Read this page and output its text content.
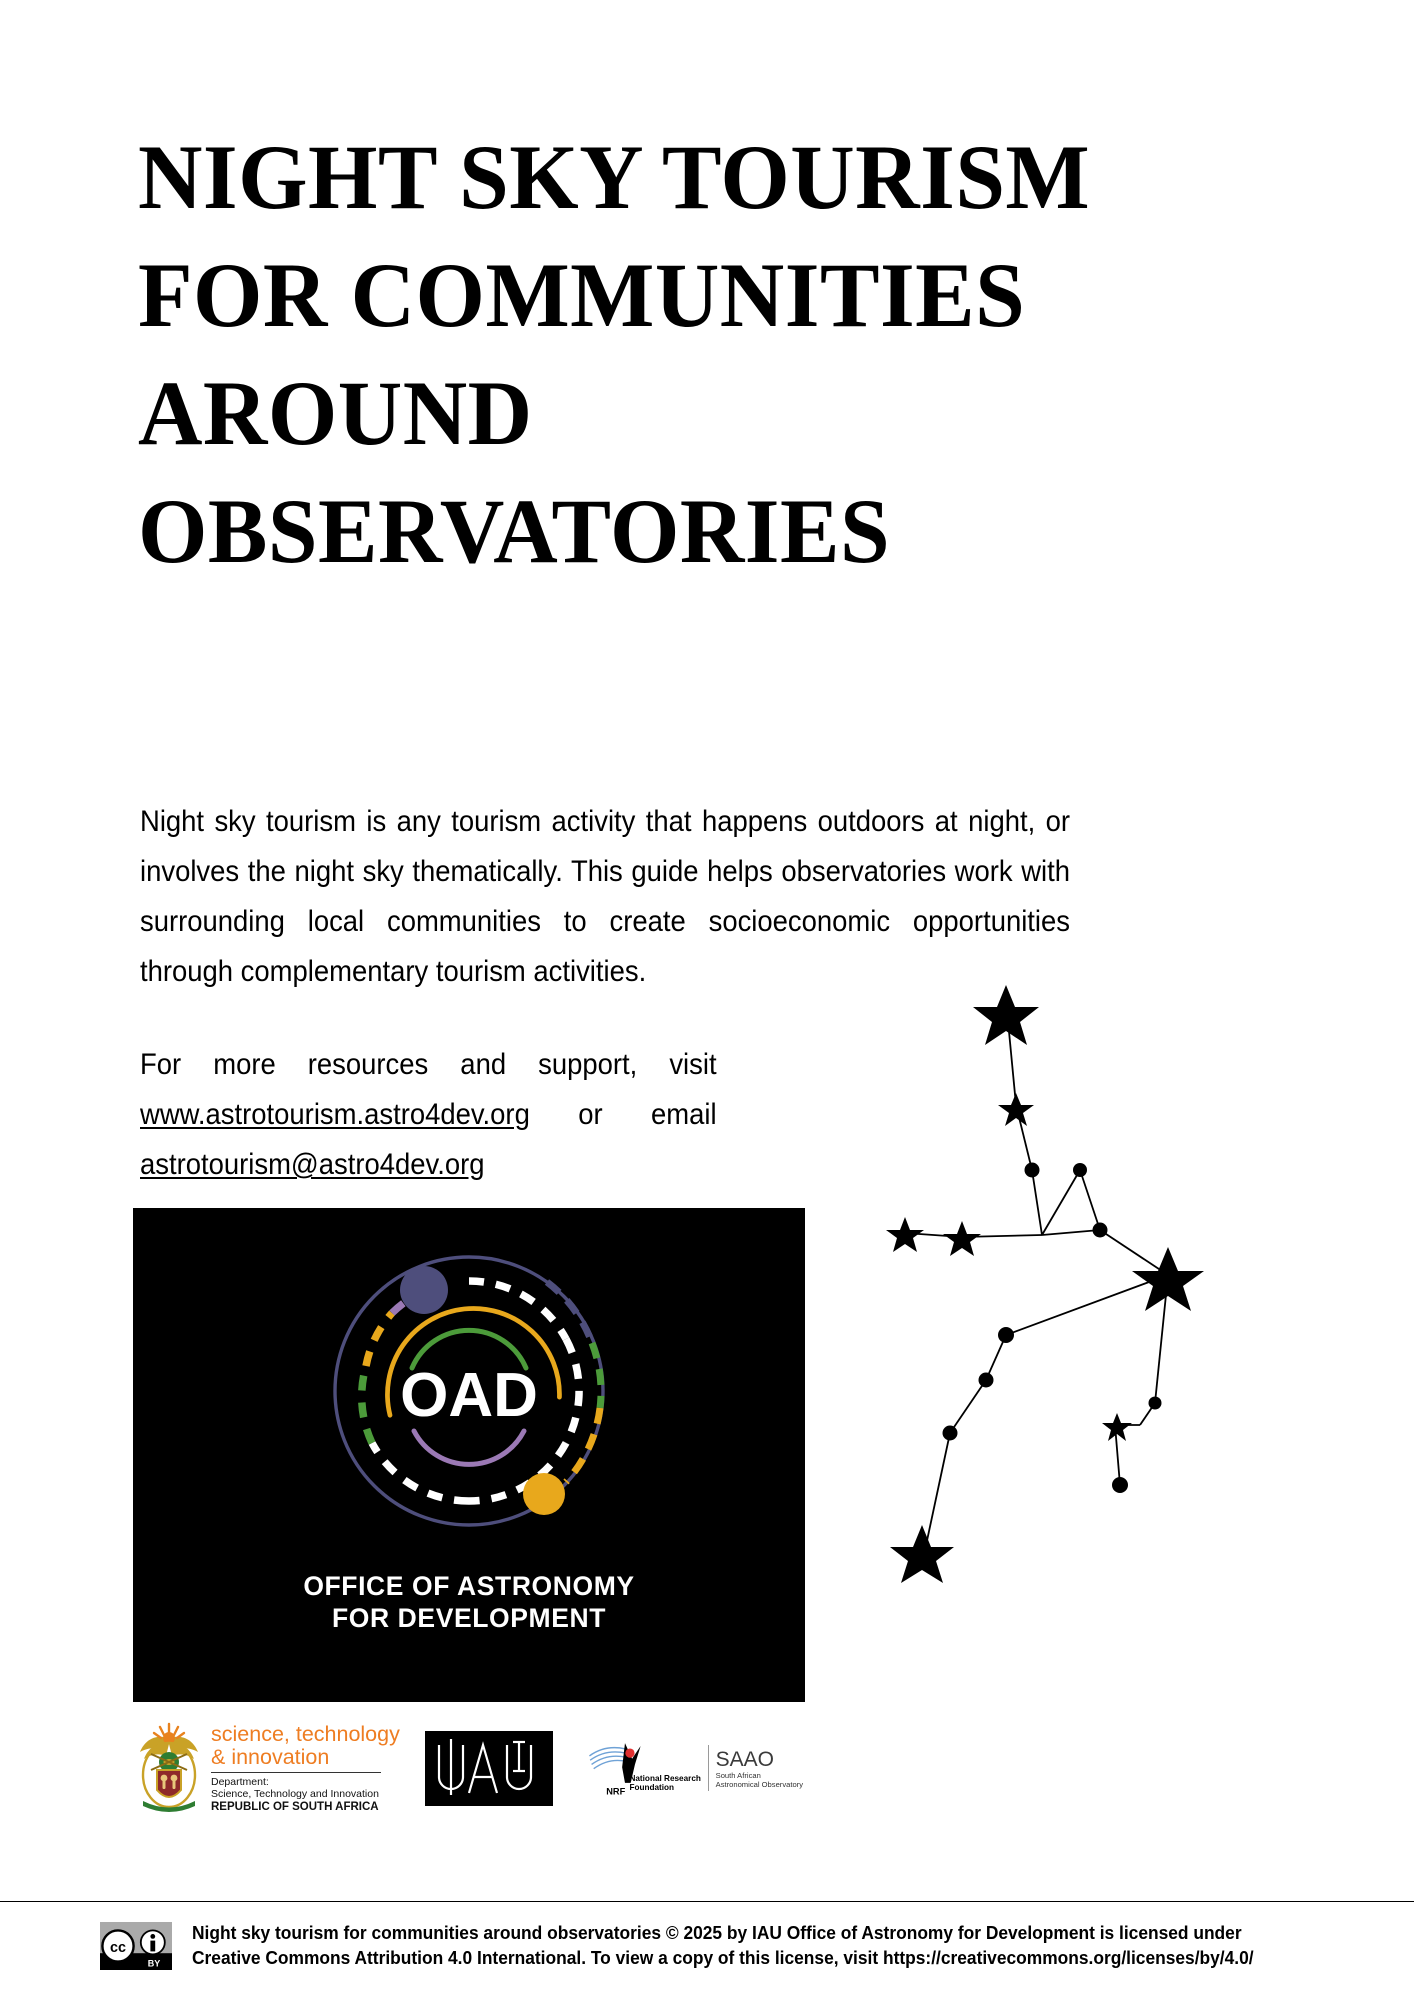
NIGHT SKY TOURISM
FOR COMMUNITIES
AROUND
OBSERVATORIES
Night sky tourism is any tourism activity that happens outdoors at night, or involves the night sky thematically. This guide helps observatories work with surrounding local communities to create socioeconomic opportunities through complementary tourism activities.
For more resources and support, visit www.astrotourism.astro4dev.org or email astrotourism@astro4dev.org
OAD
OFFICE OF ASTRONOMY
FOR DEVELOPMENT
science, technology
& innovation
Department:
Science, Technology and Innovation
REPUBLIC OF SOUTH AFRICA
NRF
National Research
Foundation
SAAO
South African
Astronomical Observatory
cc
BY
Night sky tourism for communities around observatories © 2025 by IAU Office of Astronomy for Development is licensed under
Creative Commons Attribution 4.0 International. To view a copy of this license, visit https://creativecommons.org/licenses/by/4.0/
